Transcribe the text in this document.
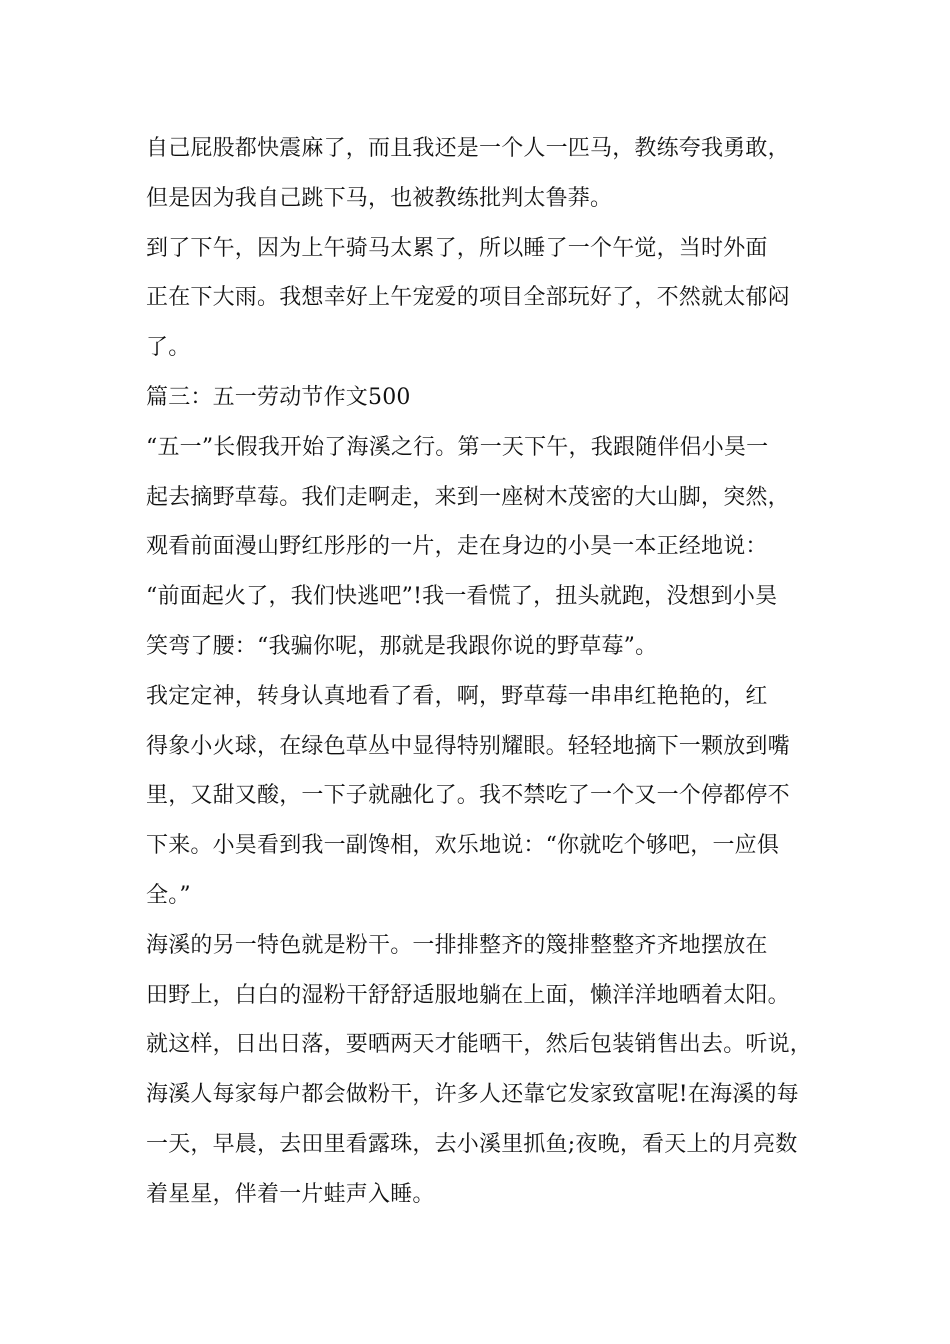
自己屁股都快震麻了，而且我还是一个人一匹马，教练夸我勇敢，
但是因为我自己跳下马，也被教练批判太鲁莽。

到了下午，因为上午骑马太累了，所以睡了一个午觉，当时外面
正在下大雨。我想幸好上午宠爱的项目全部玩好了，不然就太郁闷
了。

篇三：五一劳动节作文500

“五一”长假我开始了海溪之行。第一天下午，我跟随伴侣小昊一
起去摘野草莓。我们走啊走，来到一座树木茂密的大山脚，突然，
观看前面漫山野红彤彤的一片，走在身边的小昊一本正经地说：
“前面起火了，我们快逃吧”!我一看慌了，扭头就跑，没想到小昊
笑弯了腰：“我骗你呢，那就是我跟你说的野草莓”。

我定定神，转身认真地看了看，啊，野草莓一串串红艳艳的，红
得象小火球，在绿色草丛中显得特别耀眼。轻轻地摘下一颗放到嘴
里，又甜又酸，一下子就融化了。我不禁吃了一个又一个停都停不
下来。小昊看到我一副馋相，欢乐地说：“你就吃个够吧，一应俱
全。”

海溪的另一特色就是粉干。一排排整齐的篾排整整齐齐地摆放在
田野上，白白的湿粉干舒舒适服地躺在上面，懒洋洋地晒着太阳。
就这样，日出日落，要晒两天才能晒干，然后包装销售出去。听说，
海溪人每家每户都会做粉干，许多人还靠它发家致富呢!在海溪的每
一天，早晨，去田里看露珠，去小溪里抓鱼;夜晚，看天上的月亮数
着星星，伴着一片蛙声入睡。
